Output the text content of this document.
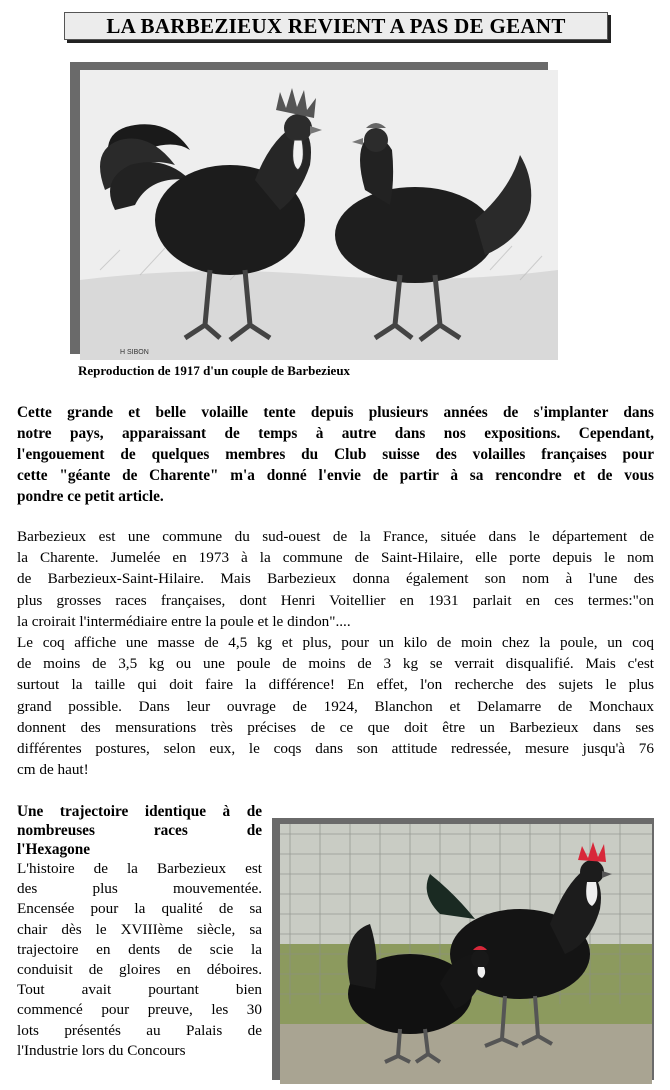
LA BARBEZIEUX REVIENT A PAS DE GEANT
H SIBON
Reproduction de 1917 d'un couple de Barbezieux
Cette grande et belle volaille tente depuis plusieurs années de s'implanter dans
notre pays, apparaissant de temps à autre dans nos expositions. Cependant,
l'engouement de quelques membres du Club suisse des volailles françaises pour
cette "géante de Charente" m'a donné l'envie de partir à sa rencondre et de vous
pondre ce petit article.
Barbezieux est une commune du sud-ouest de la France, située dans le département de
la Charente. Jumelée en 1973 à la commune de Saint-Hilaire, elle porte depuis le nom
de Barbezieux-Saint-Hilaire. Mais Barbezieux donna également son nom à l'une des
plus grosses races françaises, dont Henri Voitellier en 1931 parlait en ces termes:"on
la croirait l'intermédiaire entre la poule et le dindon"....
Le coq affiche une masse de 4,5 kg et plus, pour un kilo de moin chez la poule, un coq
de moins de 3,5 kg ou une poule de moins de 3 kg se verrait disqualifié. Mais c'est
surtout la taille qui doit faire la différence! En effet, l'on recherche des sujets le plus
grand possible. Dans leur ouvrage de 1924, Blanchon et Delamarre de Monchaux
donnent des mensurations très précises de ce que doit être un Barbezieux dans ses
différentes postures, selon eux, le coqs dans son attitude redressée, mesure jusqu'à 76
cm de haut!
Une trajectoire identique à de
nombreuses races de
l'Hexagone
L'histoire de la Barbezieux est
des plus mouvementée.
Encensée pour la qualité de sa
chair dès le XVIIIème siècle, sa
trajectoire en dents de scie la
conduisit de gloires en déboires.
Tout avait pourtant bien
commencé pour preuve, les 30
lots présentés au Palais de
l'Industrie lors du Concours
